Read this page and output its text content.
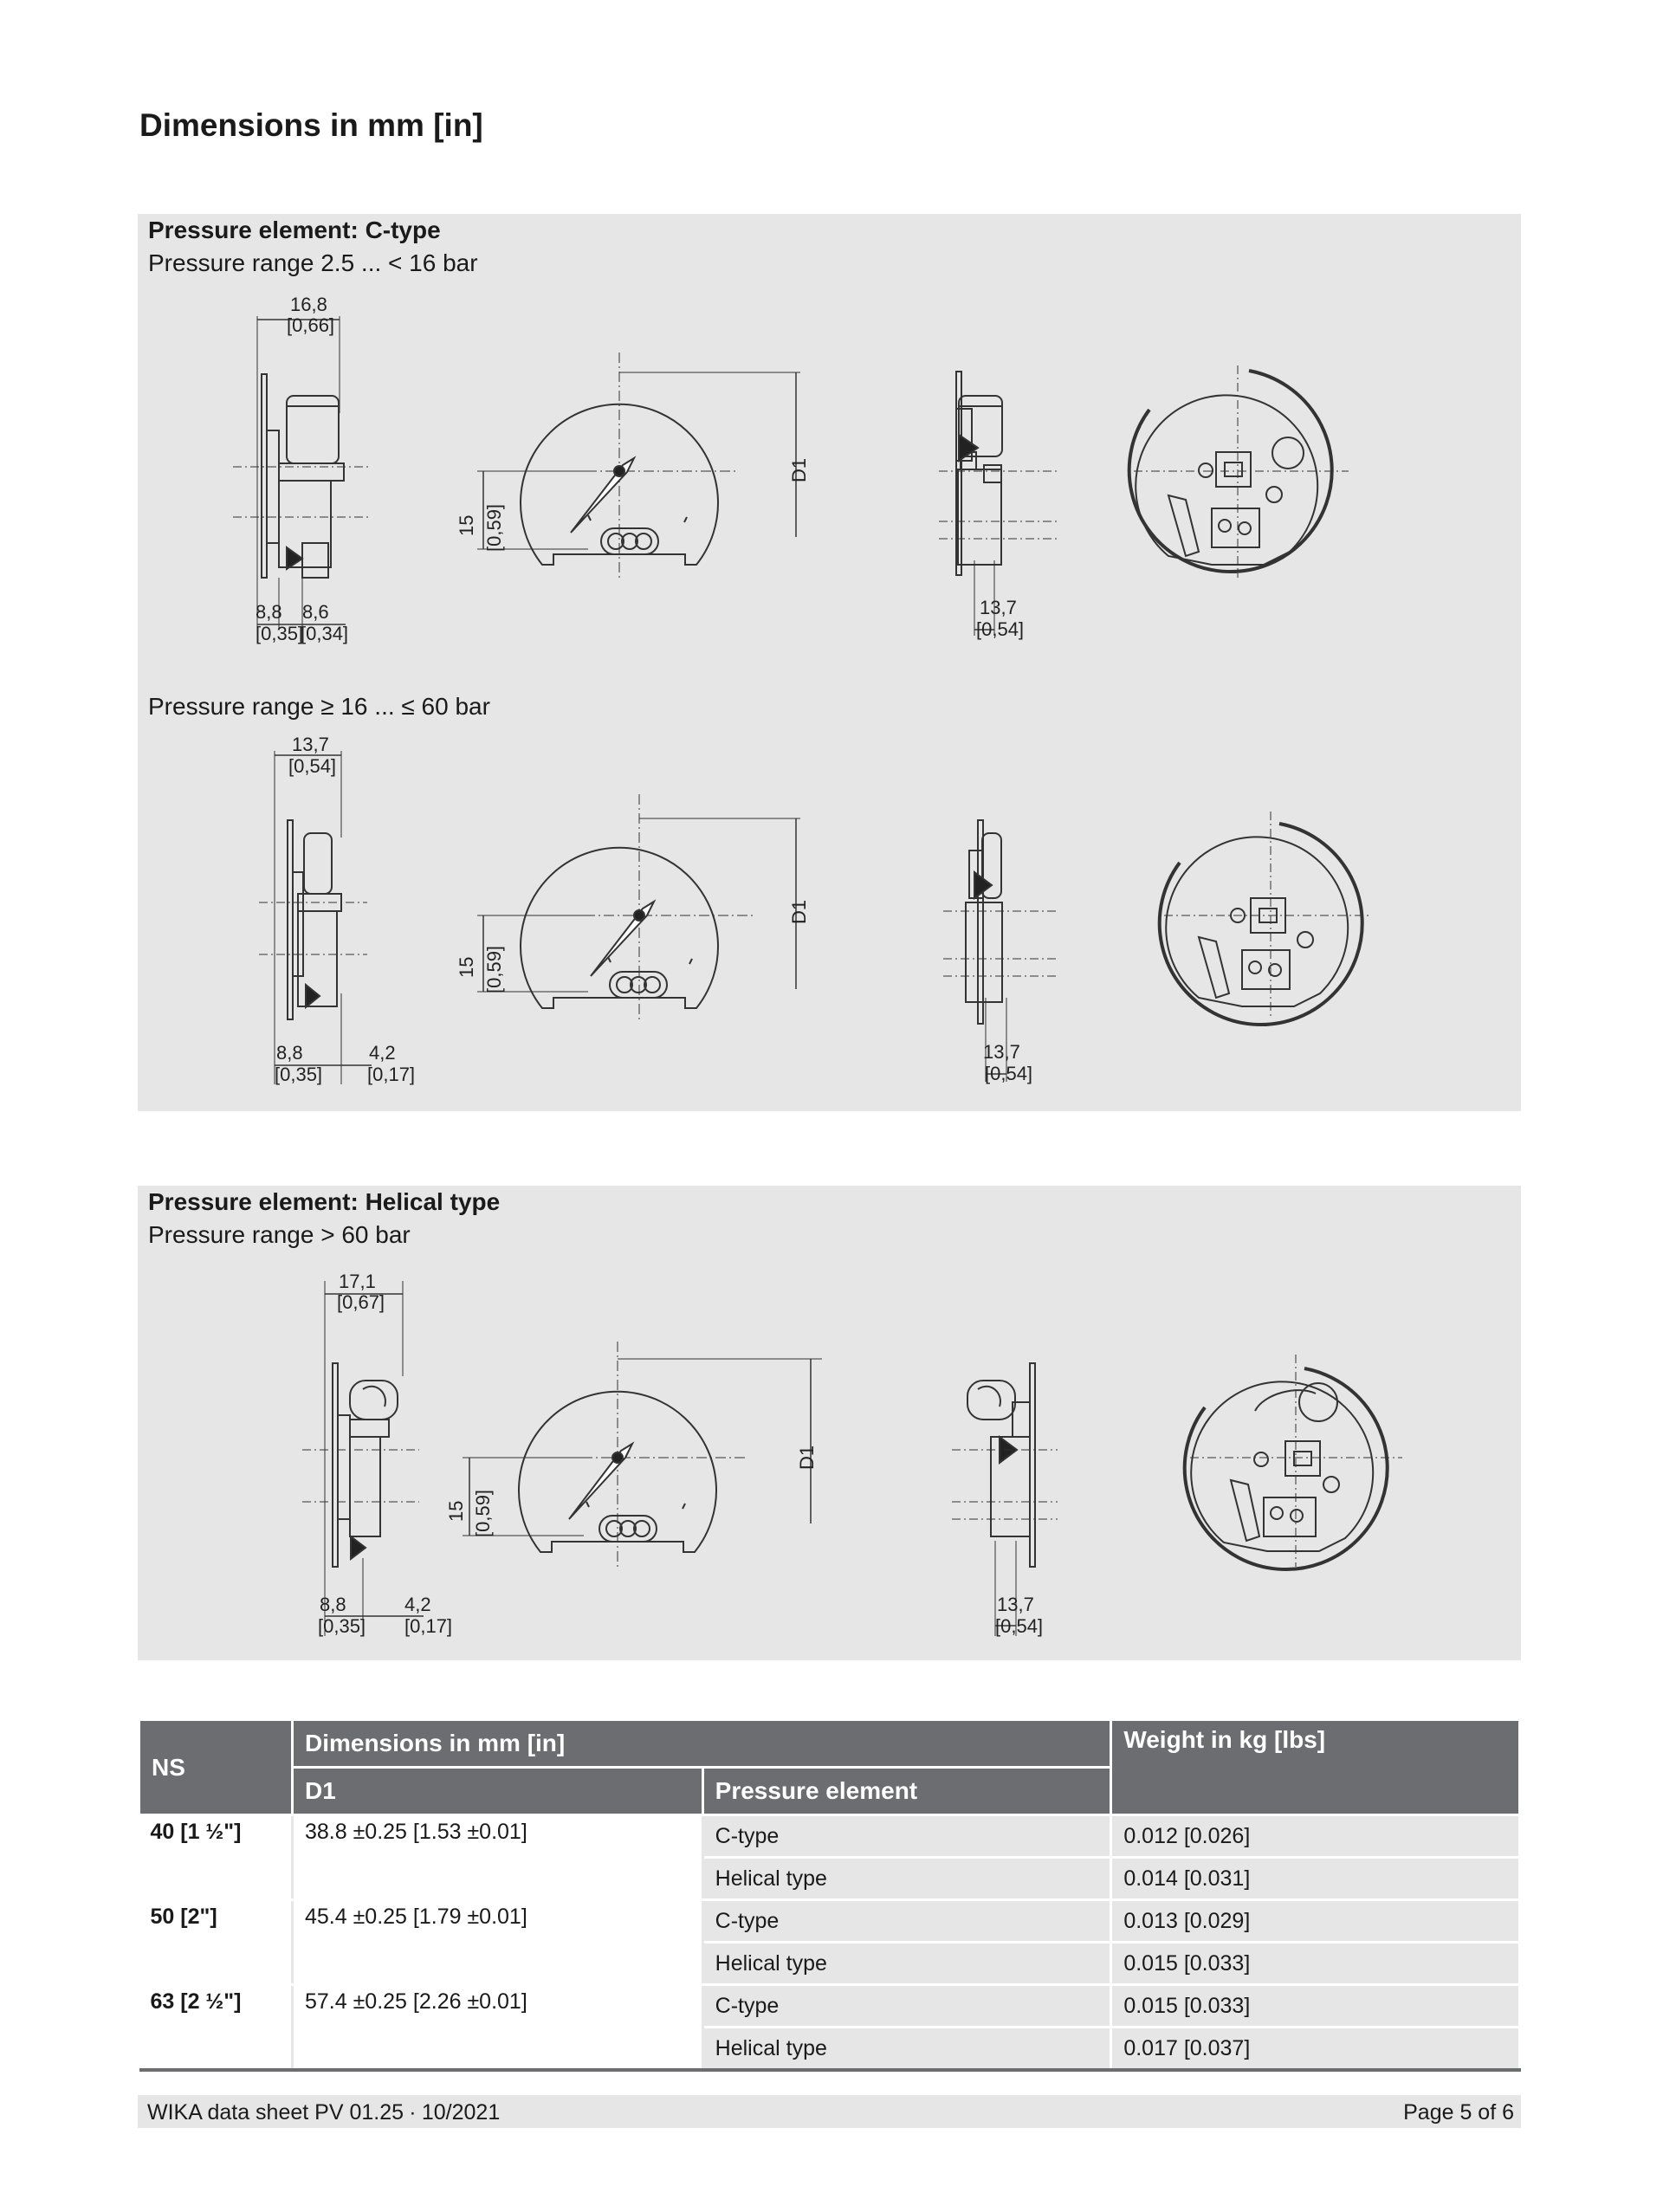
Dimensions in mm [in]
Pressure element: C-type
Pressure range 2.5 ... < 16 bar
Pressure range ≥ 16 ... ≤ 60 bar
16,8
[0,66]
8,8
[0,35]
8,6
[0,34]
15 [0,59]
D1
13,7
[0,54]
8,8
[0,35]
4,2
[0,17]
13,7
[0,54]
15 [0,59]
D1
13,7
[0,54]
Pressure element: Helical type
Pressure range > 60 bar
17,1
[0,67]
8,8
[0,35]
4,2
[0,17]
15 [0,59]
D1
13,7
[0,54]
NS	Dimensions in mm [in]		Weight in kg [lbs]
	D1	Pressure element	
40 [1 ½"]	38.8 ±0.25 [1.53 ±0.01]	C-type	0.012 [0.026]
		Helical type	0.014 [0.031]
50 [2"]	45.4 ±0.25 [1.79 ±0.01]	C-type	0.013 [0.029]
		Helical type	0.015 [0.033]
63 [2 ½"]	57.4 ±0.25 [2.26 ±0.01]	C-type	0.015 [0.033]
		Helical type	0.017 [0.037]
WIKA data sheet PV 01.25 ∙ 10/2021	Page 5 of 6
